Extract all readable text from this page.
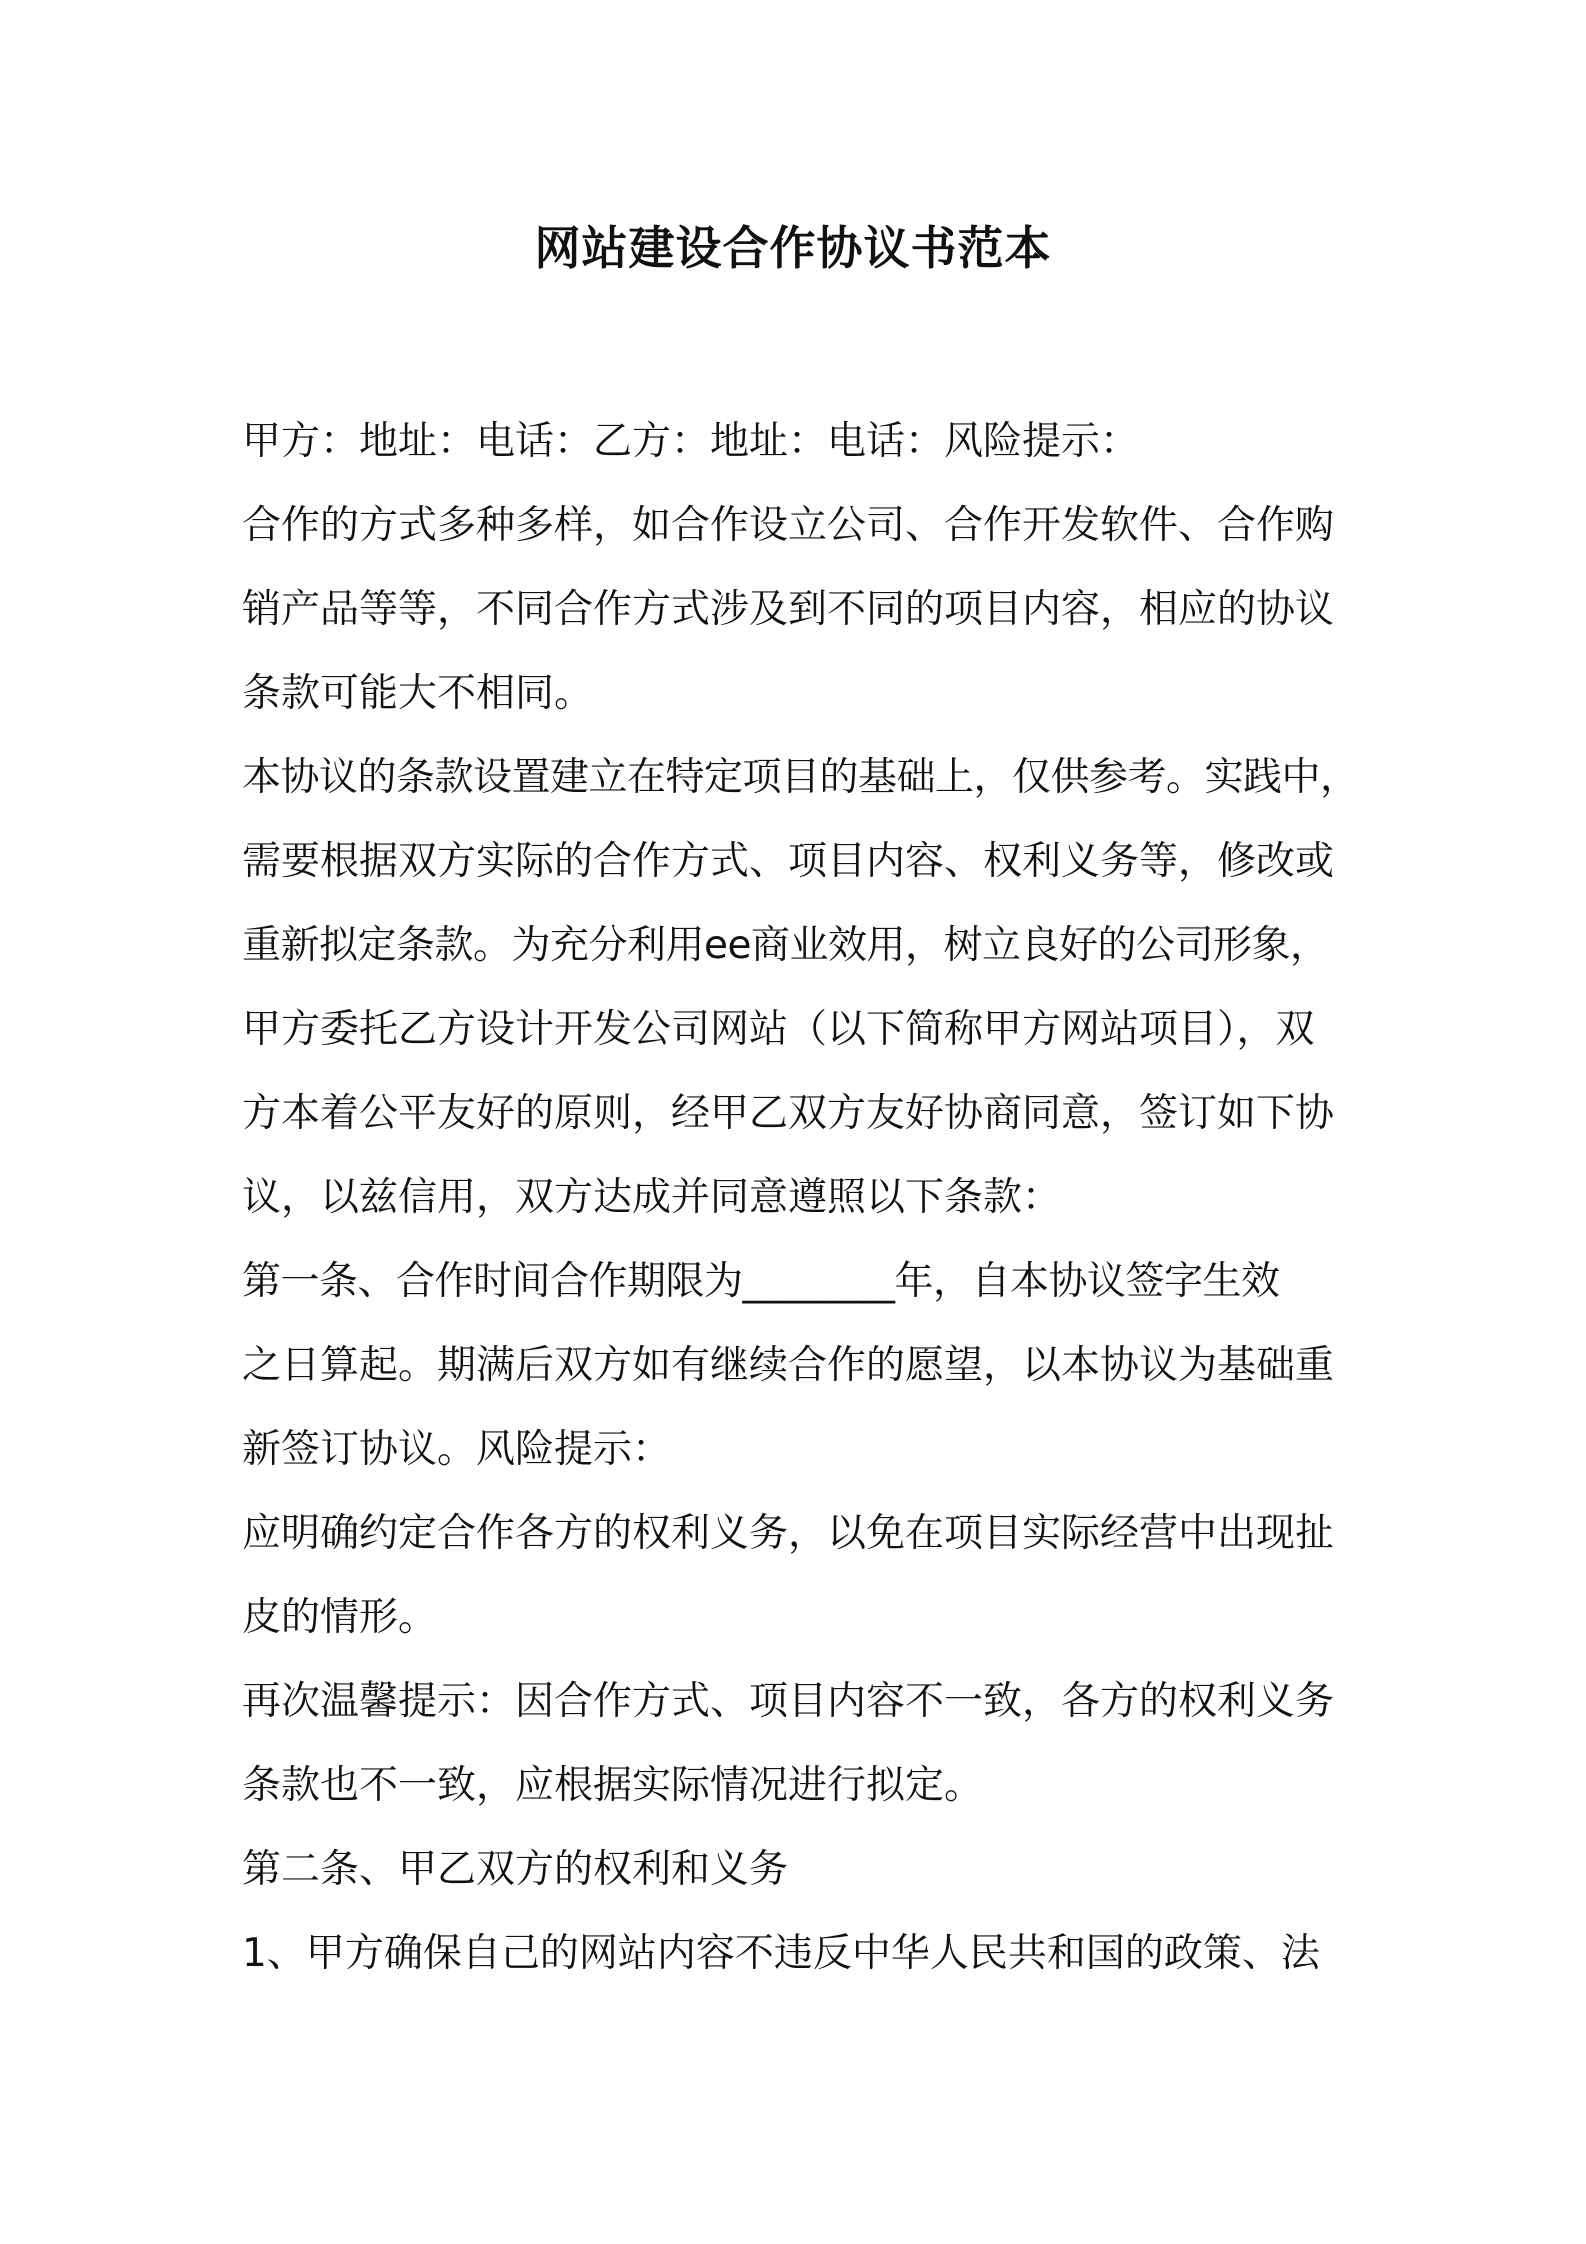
网站建设合作协议书范本
甲方：地址：电话：乙方：地址：电话：风险提示：
合作的方式多种多样，如合作设立公司、合作开发软件、合作购
销产品等等，不同合作方式涉及到不同的项目内容，相应的协议
条款可能大不相同。
本协议的条款设置建立在特定项目的基础上，仅供参考。实践中，
需要根据双方实际的合作方式、项目内容、权利义务等，修改或
重新拟定条款。为充分利用ee商业效用，树立良好的公司形象，
甲方委托乙方设计开发公司网站（以下简称甲方网站项目），双
方本着公平友好的原则，经甲乙双方友好协商同意，签订如下协
议，以兹信用，双方达成并同意遵照以下条款：
第一条、合作时间合作期限为________年，自本协议签字生效
之日算起。期满后双方如有继续合作的愿望，以本协议为基础重
新签订协议。风险提示：
应明确约定合作各方的权利义务，以免在项目实际经营中出现扯
皮的情形。
再次温馨提示：因合作方式、项目内容不一致，各方的权利义务
条款也不一致，应根据实际情况进行拟定。
第二条、甲乙双方的权利和义务
1、甲方确保自己的网站内容不违反中华人民共和国的政策、法
